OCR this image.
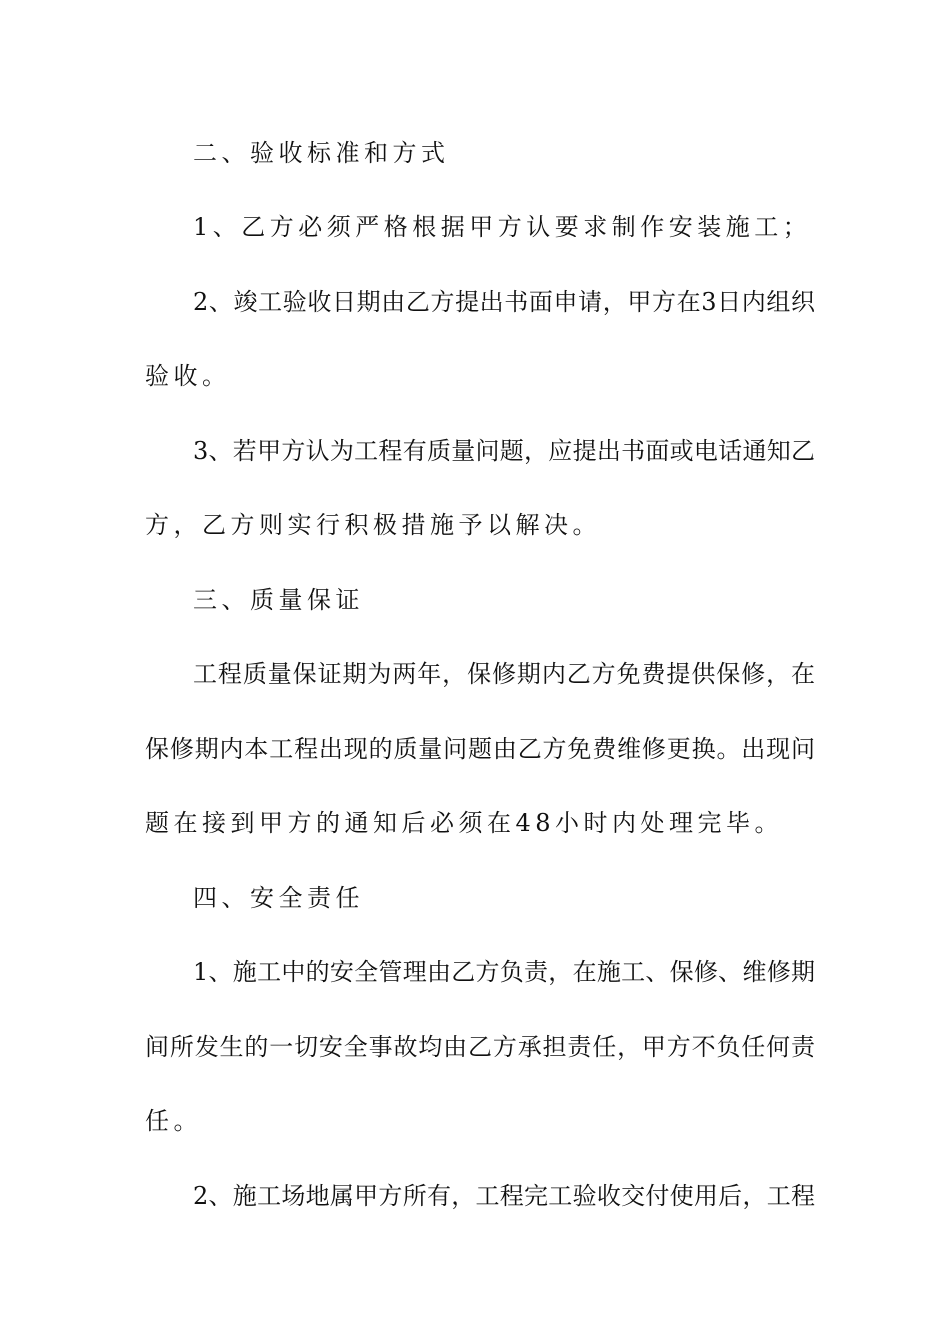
二、验收标准和方式
1、乙方必须严格根据甲方认要求制作安装施工；
2、竣工验收日期由乙方提出书面申请，甲方在3日内组织
验收。
3、若甲方认为工程有质量问题，应提出书面或电话通知乙
方，乙方则实行积极措施予以解决。
三、质量保证
工程质量保证期为两年，保修期内乙方免费提供保修，在
保修期内本工程出现的质量问题由乙方免费维修更换。出现问
题在接到甲方的通知后必须在48小时内处理完毕。
四、安全责任
1、施工中的安全管理由乙方负责，在施工、保修、维修期
间所发生的一切安全事故均由乙方承担责任，甲方不负任何责
任。
2、施工场地属甲方所有，工程完工验收交付使用后，工程
